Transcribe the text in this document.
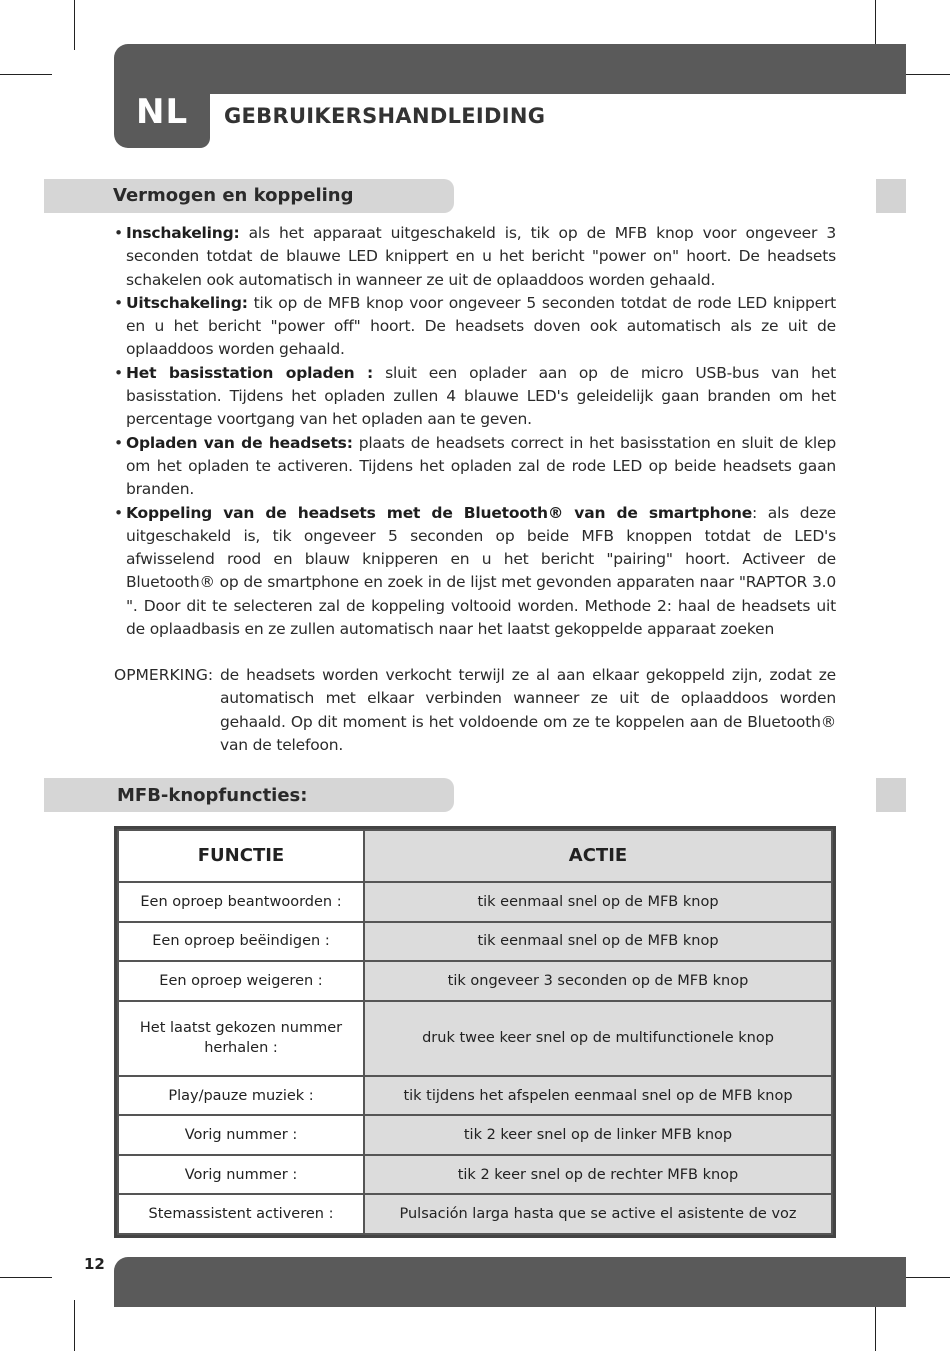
NL GEBRUIKERSHANDLEIDING
Vermogen en koppeling
• Inschakeling: als het apparaat uitgeschakeld is, tik op de MFB knop voor ongeveer 3 seconden totdat de blauwe LED knippert en u het bericht "power on" hoort. De headsets schakelen ook automatisch in wanneer ze uit de oplaaddoos worden gehaald.
• Uitschakeling: tik op de MFB knop voor ongeveer 5 seconden totdat de rode LED knippert en u het bericht "power off" hoort. De headsets doven ook automatisch als ze uit de oplaaddoos worden gehaald.
• Het basisstation opladen : sluit een oplader aan op de micro USB-bus van het basisstation. Tijdens het opladen zullen 4 blauwe LED's geleidelijk gaan branden om het percentage voortgang van het opladen aan te geven.
• Opladen van de headsets: plaats de headsets correct in het basisstation en sluit de klep om het opladen te activeren. Tijdens het opladen zal de rode LED op beide headsets gaan branden.
• Koppeling van de headsets met de Bluetooth® van de smartphone: als deze uitgeschakeld is, tik ongeveer 5 seconden op beide MFB knoppen totdat de LED's afwisselend rood en blauw knipperen en u het bericht "pairing" hoort. Activeer de Bluetooth® op de smartphone en zoek in de lijst met gevonden apparaten naar "RAPTOR 3.0 ". Door dit te selecteren zal de koppeling voltooid worden. Methode 2: haal de headsets uit de oplaadbasis en ze zullen automatisch naar het laatst gekoppelde apparaat zoeken
OPMERKING: de headsets worden verkocht terwijl ze al aan elkaar gekoppeld zijn, zodat ze automatisch met elkaar verbinden wanneer ze uit de oplaaddoos worden gehaald. Op dit moment is het voldoende om ze te koppelen aan de Bluetooth® van de telefoon.
MFB-knopfuncties:
FUNCTIE	ACTIE
Een oproep beantwoorden :	tik eenmaal snel op de MFB knop
Een oproep beëindigen :	tik eenmaal snel op de MFB knop
Een oproep weigeren :	tik ongeveer 3 seconden op de MFB knop
Het laatst gekozen nummer herhalen :	druk twee keer snel op de multifunctionele knop
Play/pauze muziek :	tik tijdens het afspelen eenmaal snel op de MFB knop
Vorig nummer :	tik 2 keer snel op de linker MFB knop
Vorig nummer :	tik 2 keer snel op de rechter MFB knop
Stemassistent activeren :	Pulsación larga hasta que se active el asistente de voz
12
